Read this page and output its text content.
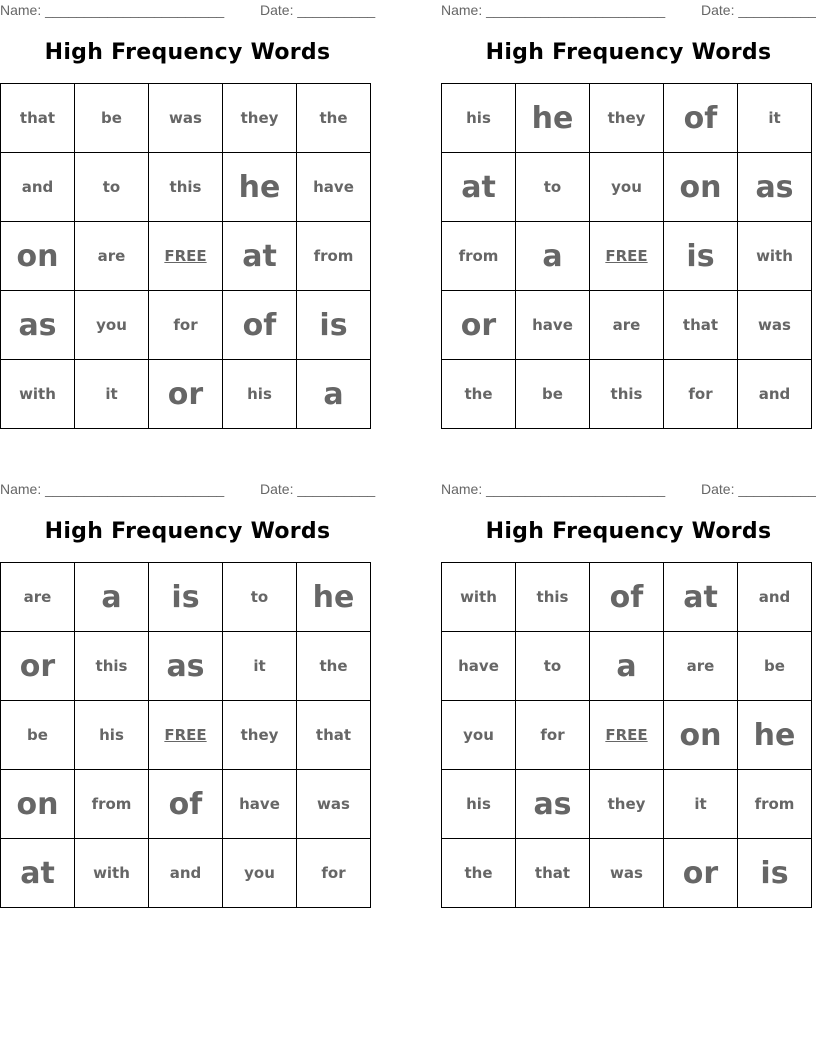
Name: _______________________	Date: __________
High Frequency Words
that	be	was	they	the
and	to	this	he	have
on	are	FREE	at	from
as	you	for	of	is
with	it	or	his	a
Name: _______________________	Date: __________
High Frequency Words
his	he	they	of	it
at	to	you	on	as
from	a	FREE	is	with
or	have	are	that	was
the	be	this	for	and
Name: _______________________	Date: __________
High Frequency Words
are	a	is	to	he
or	this	as	it	the
be	his	FREE	they	that
on	from	of	have	was
at	with	and	you	for
Name: _______________________	Date: __________
High Frequency Words
with	this	of	at	and
have	to	a	are	be
you	for	FREE	on	he
his	as	they	it	from
the	that	was	or	is
